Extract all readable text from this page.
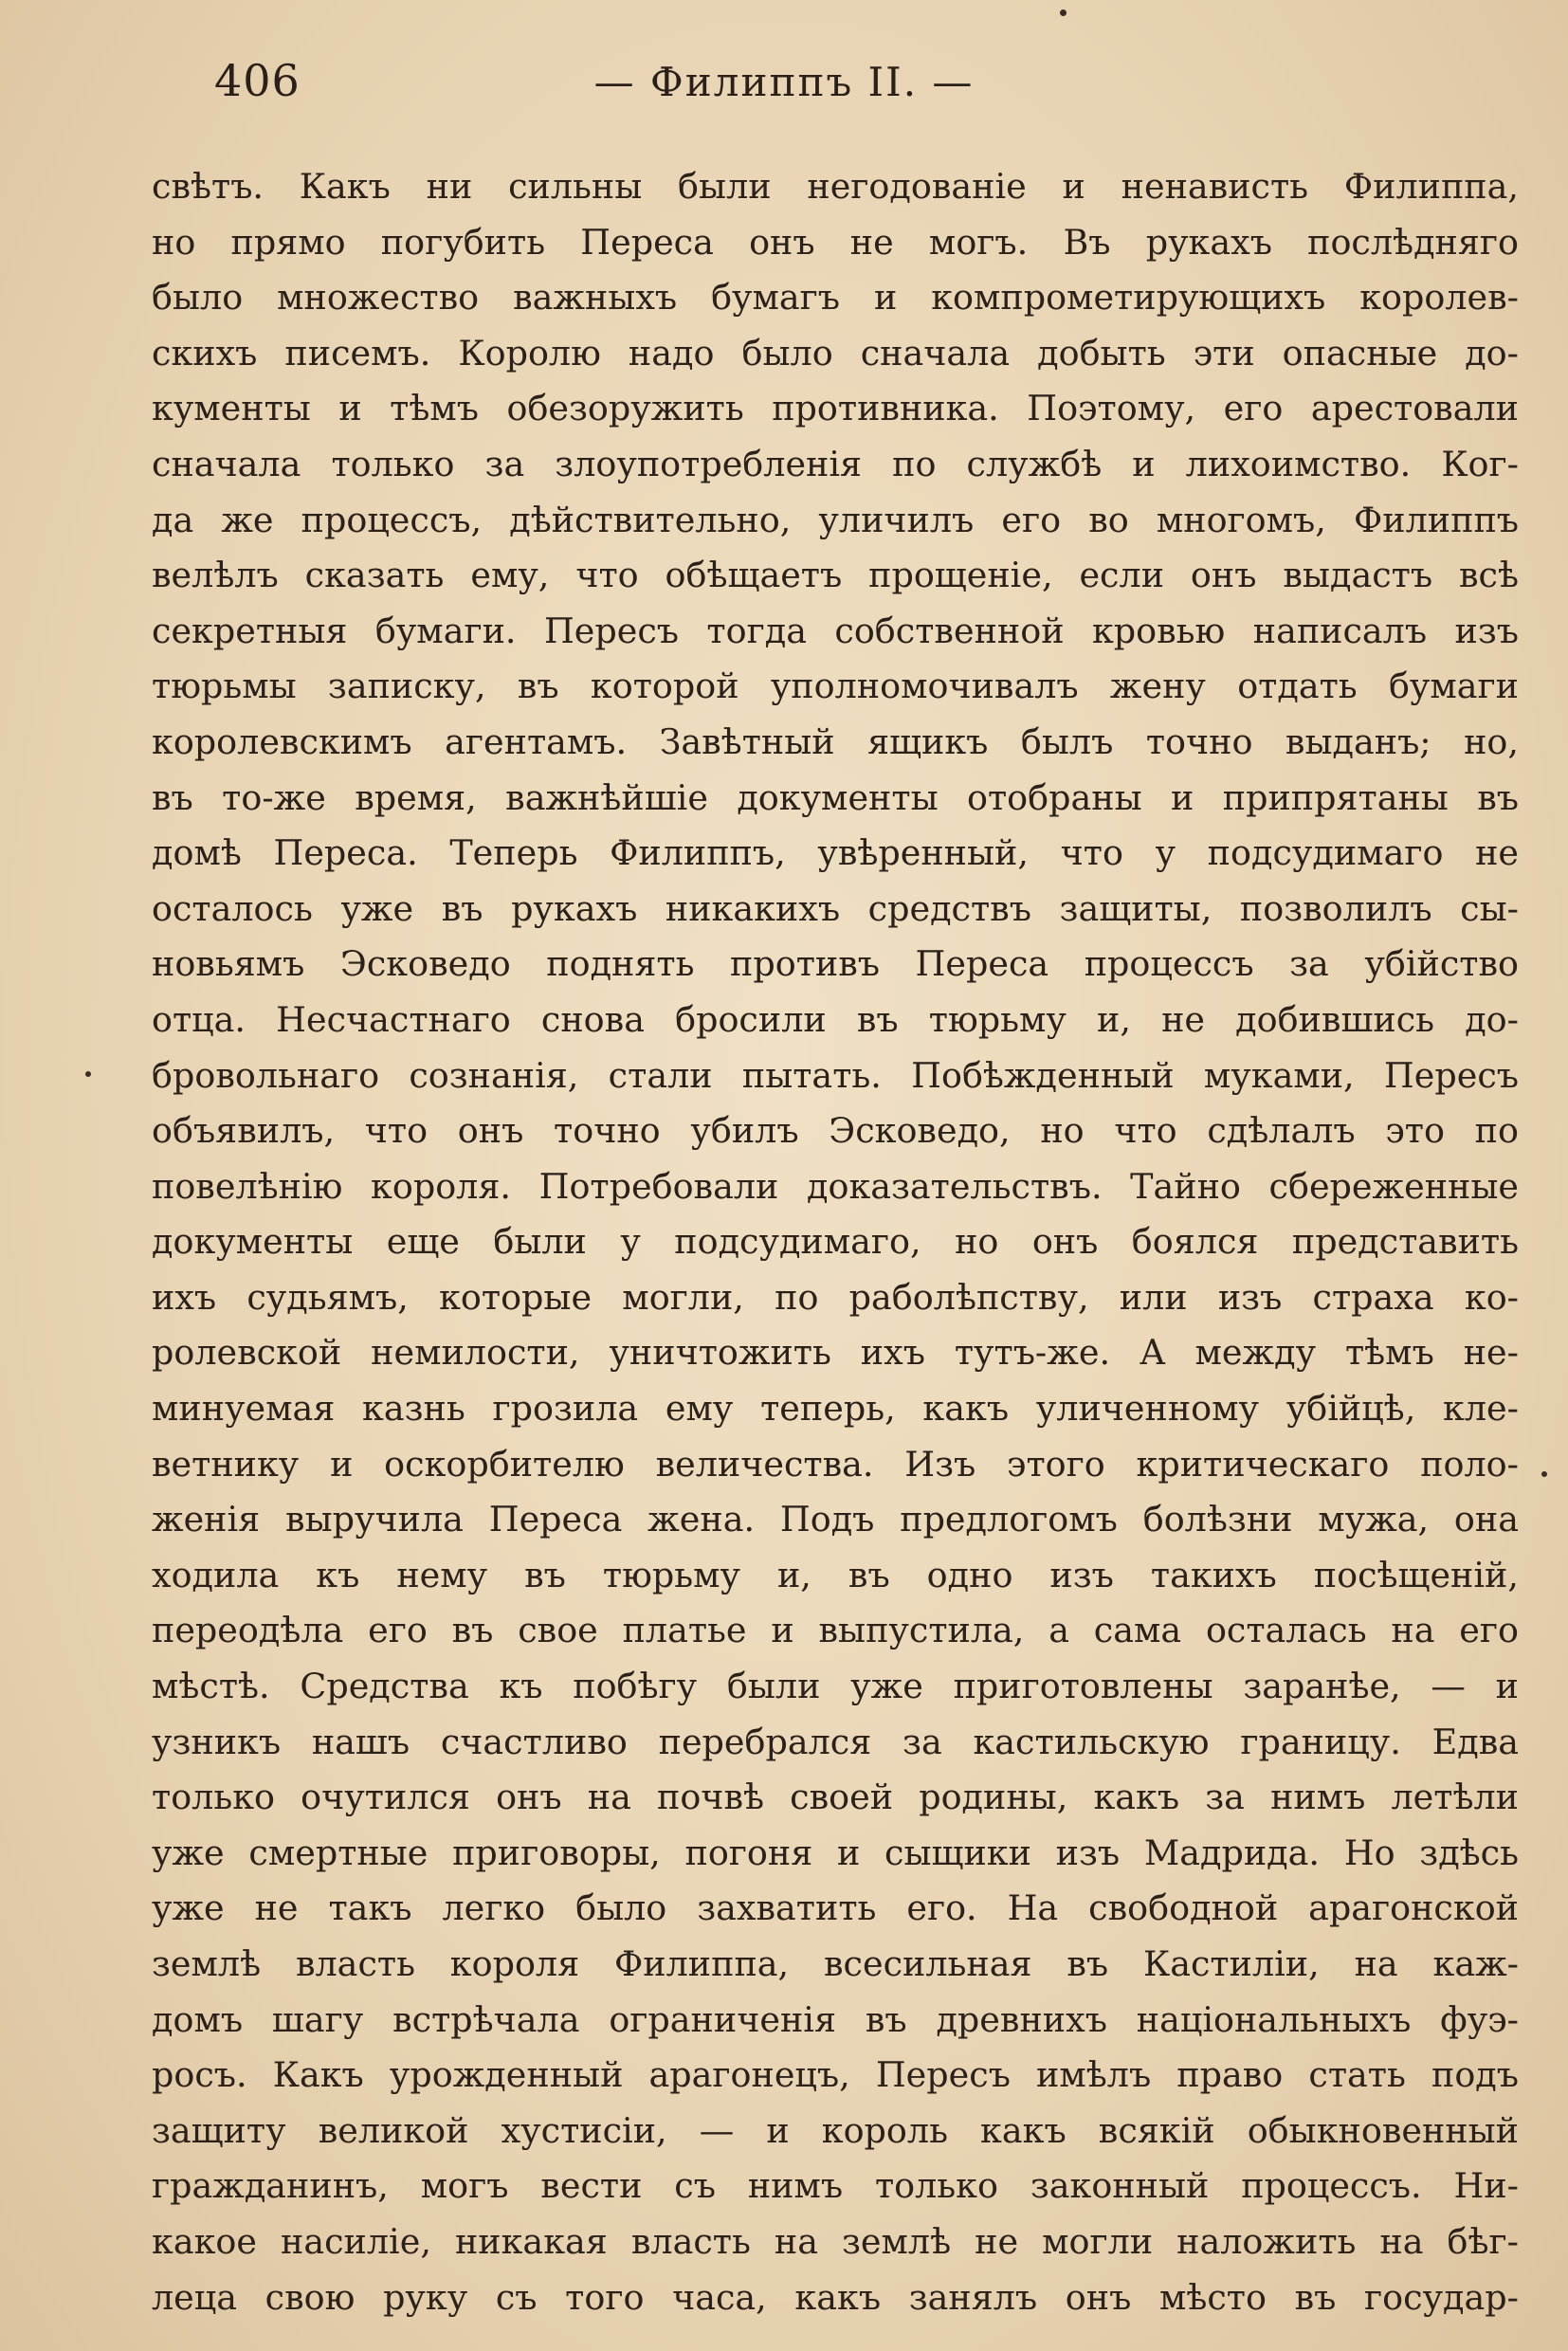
406	— Филиппъ II. —
свѣтъ. Какъ ни сильны были негодованіе и ненависть Филиппа,
но прямо погубить Переса онъ не могъ. Въ рукахъ послѣдняго
было множество важныхъ бумагъ и компрометирующихъ королев-
скихъ писемъ. Королю надо было сначала добыть эти опасные до-
кументы и тѣмъ обезоружить противника. Поэтому, его арестовали
сначала только за злоупотребленія по службѣ и лихоимство. Ког-
да же процессъ, дѣйствительно, уличилъ его во многомъ, Филиппъ
велѣлъ сказать ему, что обѣщаетъ прощеніе, если онъ выдастъ всѣ
секретныя бумаги. Пересъ тогда собственной кровью написалъ изъ
тюрьмы записку, въ которой уполномочивалъ жену отдать бумаги
королевскимъ агентамъ. Завѣтный ящикъ былъ точно выданъ; но,
въ то-же время, важнѣйшіе документы отобраны и припрятаны въ
домѣ Переса. Теперь Филиппъ, увѣренный, что у подсудимаго не
осталось уже въ рукахъ никакихъ средствъ защиты, позволилъ сы-
новьямъ Эсковедо поднять противъ Переса процессъ за убійство
отца. Несчастнаго снова бросили въ тюрьму и, не добившись до-
бровольнаго сознанія, стали пытать. Побѣжденный муками, Пересъ
объявилъ, что онъ точно убилъ Эсковедо, но что сдѣлалъ это по
повелѣнію короля. Потребовали доказательствъ. Тайно сбереженные
документы еще были у подсудимаго, но онъ боялся представить
ихъ судьямъ, которые могли, по раболѣпству, или изъ страха ко-
ролевской немилости, уничтожить ихъ тутъ-же. А между тѣмъ не-
минуемая казнь грозила ему теперь, какъ уличенному убійцѣ, кле-
ветнику и оскорбителю величества. Изъ этого критическаго поло-
женія выручила Переса жена. Подъ предлогомъ болѣзни мужа, она
ходила къ нему въ тюрьму и, въ одно изъ такихъ посѣщеній,
переодѣла его въ свое платье и выпустила, а сама осталась на его
мѣстѣ. Средства къ побѣгу были уже приготовлены заранѣе, — и
узникъ нашъ счастливо перебрался за кастильскую границу. Едва
только очутился онъ на почвѣ своей родины, какъ за нимъ летѣли
уже смертные приговоры, погоня и сыщики изъ Мадрида. Но здѣсь
уже не такъ легко было захватить его. На свободной арагонской
землѣ власть короля Филиппа, всесильная въ Кастиліи, на каж-
домъ шагу встрѣчала ограниченія въ древнихъ національныхъ фуэ-
росъ. Какъ урожденный арагонецъ, Пересъ имѣлъ право стать подъ
защиту великой хустисіи, — и король какъ всякій обыкновенный
гражданинъ, могъ вести съ нимъ только законный процессъ. Ни-
какое насиліе, никакая власть на землѣ не могли наложить на бѣг-
леца свою руку съ того часа, какъ занялъ онъ мѣсто въ государ-
